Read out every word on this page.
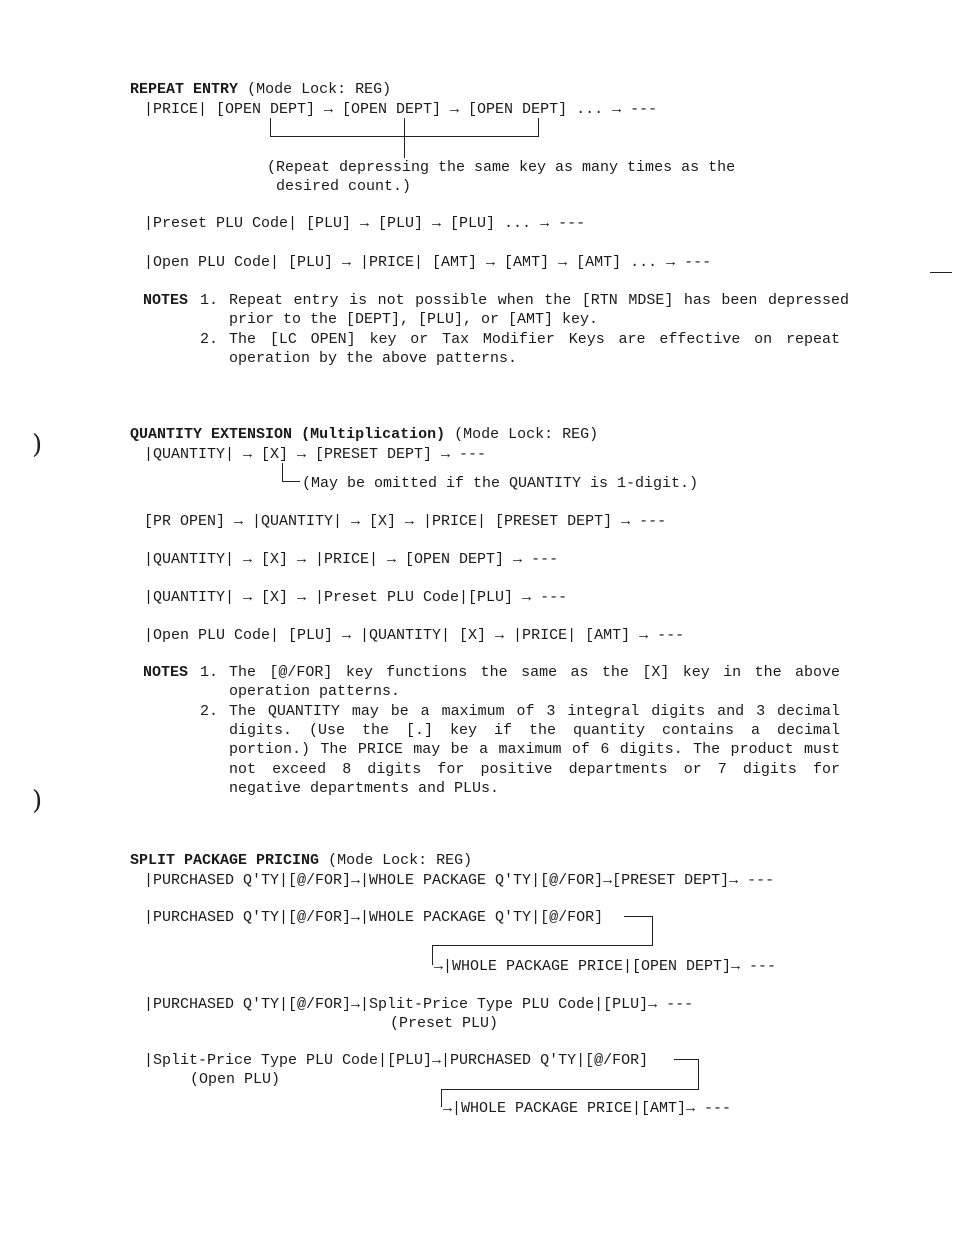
)
)

REPEAT ENTRY (Mode Lock: REG)

|PRICE| [OPEN DEPT] → [OPEN DEPT] → [OPEN DEPT] ... → ---
(Repeat depressing the same key as many times as the
desired count.)
|Preset PLU Code| [PLU] → [PLU] → [PLU] ... → ---
|Open PLU Code| [PLU] → |PRICE| [AMT] → [AMT] → [AMT] ... → ---
NOTES 1. Repeat entry is not possible when the [RTN MDSE] has been depressed prior to the [DEPT], [PLU], or [AMT] key.
2. The [LC OPEN] key or Tax Modifier Keys are effective on repeat operation by the above patterns.

QUANTITY EXTENSION (Multiplication) (Mode Lock: REG)

|QUANTITY| → [X] → [PRESET DEPT] → ---
(May be omitted if the QUANTITY is 1-digit.)
[PR OPEN] → |QUANTITY| → [X] → |PRICE| [PRESET DEPT] → ---
|QUANTITY| → [X] → |PRICE| → [OPEN DEPT] → ---
|QUANTITY| → [X] → |Preset PLU Code|[PLU] → ---
|Open PLU Code| [PLU] → |QUANTITY| [X] → |PRICE| [AMT] → ---
NOTES 1. The [@/FOR] key functions the same as the [X] key in the above operation patterns.
2. The QUANTITY may be a maximum of 3 integral digits and 3 decimal digits. (Use the [.] key if the quantity contains a decimal portion.) The PRICE may be a maximum of 6 digits. The product must not exceed 8 digits for positive departments or 7 digits for negative departments and PLUs.

SPLIT PACKAGE PRICING (Mode Lock: REG)

|PURCHASED Q'TY|[@/FOR]→|WHOLE PACKAGE Q'TY|[@/FOR]→[PRESET DEPT]→ ---
|PURCHASED Q'TY|[@/FOR]→|WHOLE PACKAGE Q'TY|[@/FOR]
→|WHOLE PACKAGE PRICE|[OPEN DEPT]→ ---
|PURCHASED Q'TY|[@/FOR]→|Split-Price Type PLU Code|[PLU]→ ---
(Preset PLU)
|Split-Price Type PLU Code|[PLU]→|PURCHASED Q'TY|[@/FOR]
(Open PLU)
→|WHOLE PACKAGE PRICE|[AMT]→ ---
